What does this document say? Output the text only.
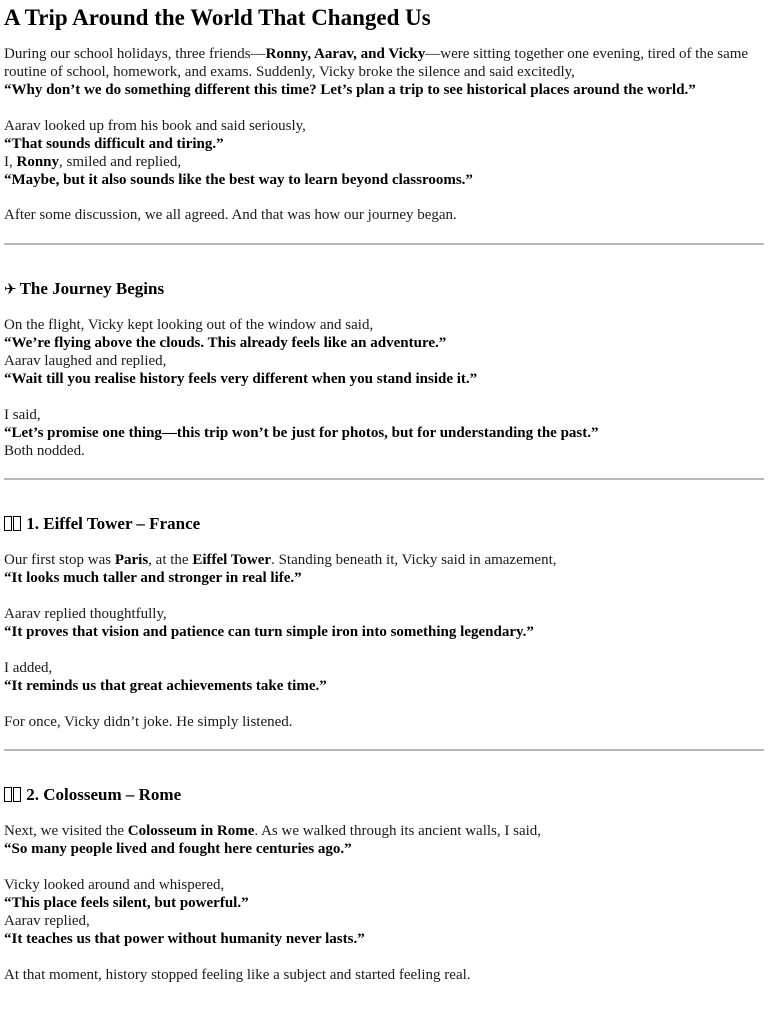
A Trip Around the World That Changed Us
During our school holidays, three friends—Ronny, Aarav, and Vicky—were sitting together one evening, tired of the same
routine of school, homework, and exams. Suddenly, Vicky broke the silence and said excitedly,
“Why don’t we do something different this time? Let’s plan a trip to see historical places around the world.”
Aarav looked up from his book and said seriously,
“That sounds difficult and tiring.”
I, Ronny, smiled and replied,
“Maybe, but it also sounds like the best way to learn beyond classrooms.”
After some discussion, we all agreed. And that was how our journey began.
✈ The Journey Begins
On the flight, Vicky kept looking out of the window and said,
“We’re flying above the clouds. This already feels like an adventure.”
Aarav laughed and replied,
“Wait till you realise history feels very different when you stand inside it.”
I said,
“Let’s promise one thing—this trip won’t be just for photos, but for understanding the past.”
Both nodded.
1. Eiffel Tower – France
Our first stop was Paris, at the Eiffel Tower. Standing beneath it, Vicky said in amazement,
“It looks much taller and stronger in real life.”
Aarav replied thoughtfully,
“It proves that vision and patience can turn simple iron into something legendary.”
I added,
“It reminds us that great achievements take time.”
For once, Vicky didn’t joke. He simply listened.
2. Colosseum – Rome
Next, we visited the Colosseum in Rome. As we walked through its ancient walls, I said,
“So many people lived and fought here centuries ago.”
Vicky looked around and whispered,
“This place feels silent, but powerful.”
Aarav replied,
“It teaches us that power without humanity never lasts.”
At that moment, history stopped feeling like a subject and started feeling real.
